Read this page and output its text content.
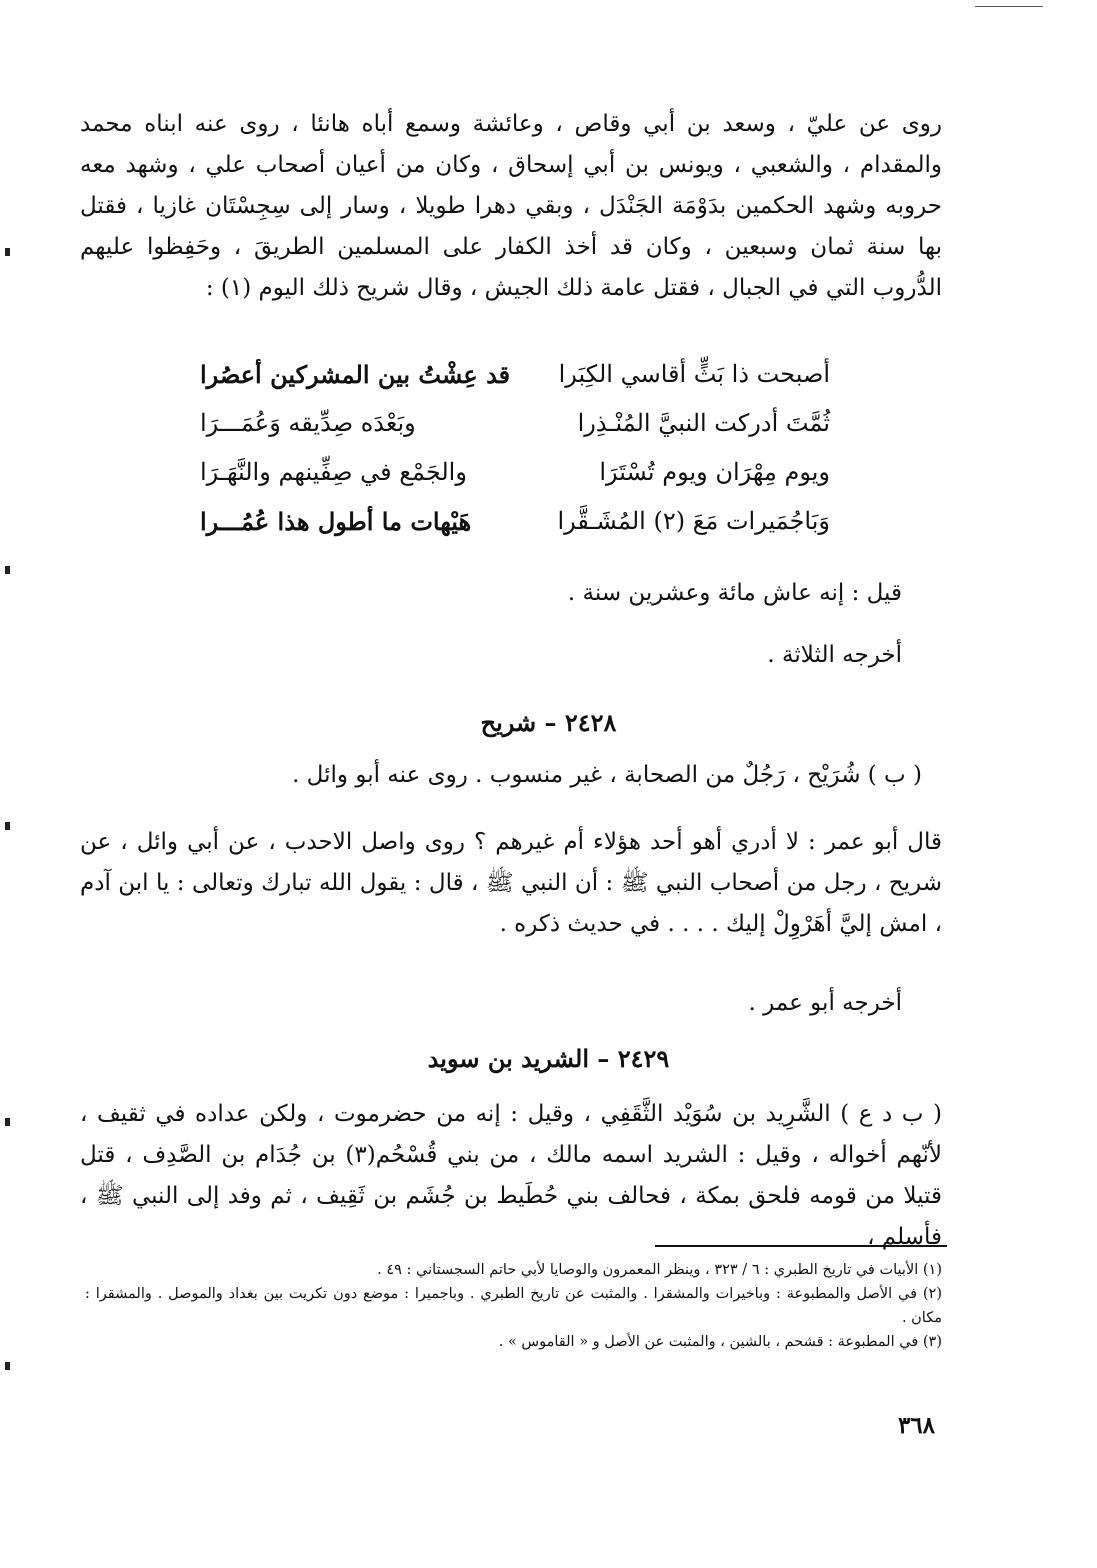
روى عن عليّ ، وسعد بن أبي وقاص ، وعائشة وسمع أباه هانئا ، روى عنه ابناه محمد والمقدام ، والشعبي ، ويونس بن أبي إسحاق ، وكان من أعيان أصحاب علي ، وشهد معه حروبه وشهد الحكمين بدَوْمَة الجَنْدَل ، وبقي دهرا طويلا ، وسار إلى سِجِسْتَان غازيا ، فقتل بها سنة ثمان وسبعين ، وكان قد أخذ الكفار على المسلمين الطريقَ ، وحَفِظوا عليهم الدُّروب التي في الجبال ، فقتل عامة ذلك الجيش ، وقال شريح ذلك اليوم (١) :

أصبحت ذا بَثٍّ أقاسي الكِبَرا
قد عِشْتُ بين المشركين أعصُرا
ثُمَّتَ أدركت النبيَّ المُنْـذِرا
وبَعْدَه صِدِّيقه وَعُمَـــرَا
ويوم مِهْرَان ويوم تُسْتَرَا
والجَمْع في صِفِّينهم والنَّهَـرَا
وَبَاجُمَيرات مَعَ (٢) المُشَـقَّرا
هَيْهات ما أطول هذا عُمُـــرا
قيل : إنه عاش مائة وعشرين سنة .
أخرجه الثلاثة .
٢٤٢٨ – شريح
( ب ) شُرَيْح ، رَجُلٌ من الصحابة ، غير منسوب . روى عنه أبو وائل .

قال أبو عمر : لا أدري أهو أحد هؤلاء أم غيرهم ؟ روى واصل الاحدب ، عن أبي وائل ، عن شريح ، رجل من أصحاب النبي ﷺ : أن النبي ﷺ ، قال : يقول الله تبارك وتعالى : يا ابن آدم ، امش إليَّ أهَرْوِلْ إليك . . . . في حديث ذكره .

أخرجه أبو عمر .
٢٤٢٩ – الشريد بن سويد

( ب د ع ) الشَّرِيد بن سُوَيْد الثَّقَفِي ، وقيل : إنه من حضرموت ، ولكن عداده في ثقيف ، لأنّهم أخواله ، وقيل : الشريد اسمه مالك ، من بني قُسْحُم(٣) بن جُدَام بن الصَّدِف ، قتل قتيلا من قومه فلحق بمكة ، فحالف بني حُطَيط بن جُشَم بن ثَقِيف ، ثم وفد إلى النبي ﷺ ، فأسلم ،

(١) الأبيات في تاريخ الطبري : ٦ / ٣٢٣ ، وينظر المعمرون والوصايا لأبي حاتم السجستاني : ٤٩ .

(٢) في الأصل والمطبوعة : وباخيرات والمشقرا . والمثبت عن تاريخ الطبري . وباجميرا : موضع دون تكريت بين بغداد والموصل . والمشقرا : مكان .

(٣) في المطبوعة : قشحم ، بالشين ، والمثبت عن الأصل و « القاموس » .

٣٦٨
